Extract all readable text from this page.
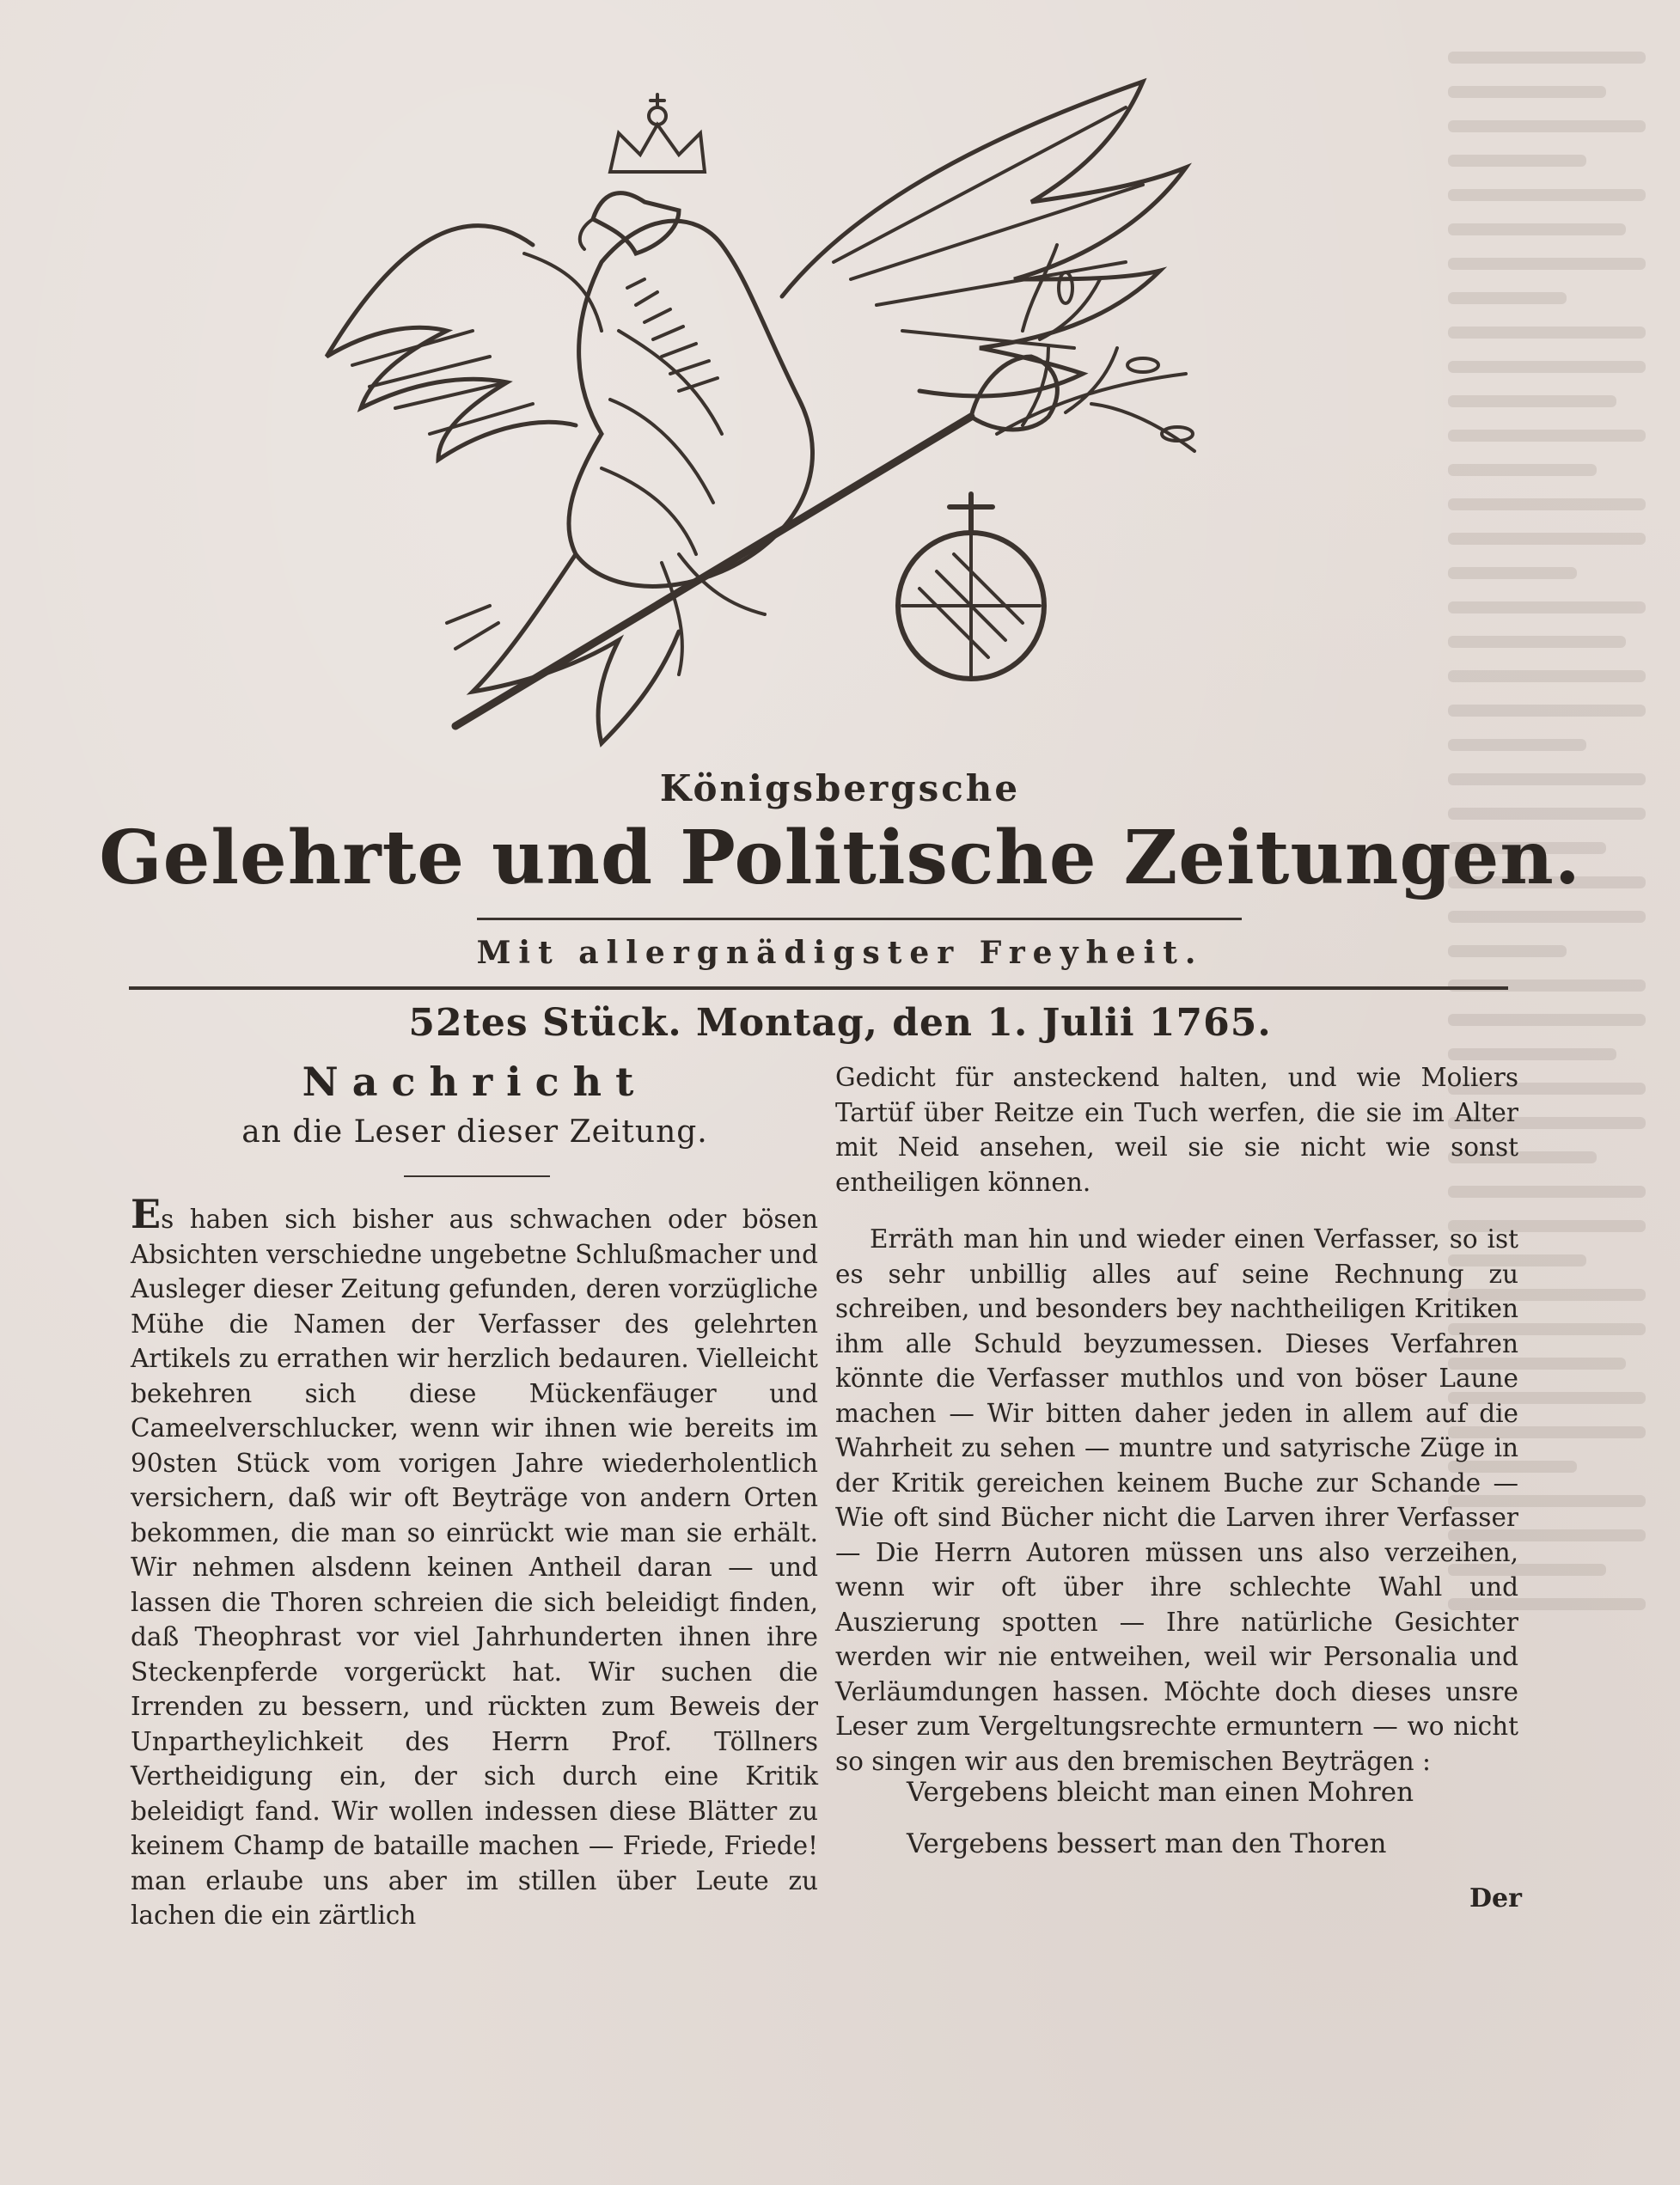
Königsbergsche
Gelehrte und Politische Zeitungen.
Mit allergnädigster Freyheit.
52tes Stück. Montag, den 1. Julii 1765.
Nachricht
an die Leser dieser Zeitung.

Es haben sich bisher aus schwachen oder bösen Absichten verschiedne ungebetne Schlußmacher und Ausleger dieser Zeitung gefunden, deren vorzügliche Mühe die Namen der Verfasser des gelehrten Artikels zu errathen wir herzlich bedauren. Vielleicht bekehren sich diese Mückenfäuger und Cameelverschlucker, wenn wir ihnen wie bereits im 90sten Stück vom vorigen Jahre wiederholentlich versichern, daß wir oft Beyträge von andern Orten bekommen, die man so einrückt wie man sie erhält. Wir nehmen alsdenn keinen Antheil daran — und lassen die Thoren schreien die sich beleidigt finden, daß Theophrast vor viel Jahrhunderten ihnen ihre Steckenpferde vorgerückt hat. Wir suchen die Irrenden zu bessern, und rückten zum Beweis der Unpartheylichkeit des Herrn Prof. Töllners Vertheidigung ein, der sich durch eine Kritik beleidigt fand. Wir wollen indessen diese Blätter zu keinem Champ de bataille machen — Friede, Friede! man erlaube uns aber im stillen über Leute zu lachen die ein zärtlich

Gedicht für ansteckend halten, und wie Moliers Tartüf über Reitze ein Tuch werfen, die sie im Alter mit Neid ansehen, weil sie sie nicht wie sonst entheiligen können.
Erräth man hin und wieder einen Verfasser, so ist es sehr unbillig alles auf seine Rechnung zu schreiben, und besonders bey nachtheiligen Kritiken ihm alle Schuld beyzumessen. Dieses Verfahren könnte die Verfasser muthlos und von böser Laune machen — Wir bitten daher jeden in allem auf die Wahrheit zu sehen — muntre und satyrische Züge in der Kritik gereichen keinem Buche zur Schande — Wie oft sind Bücher nicht die Larven ihrer Verfasser — Die Herrn Autoren müssen uns also verzeihen, wenn wir oft über ihre schlechte Wahl und Auszierung spotten — Ihre natürliche Gesichter werden wir nie entweihen, weil wir Personalia und Verläumdungen hassen. Möchte doch dieses unsre Leser zum Vergeltungsrechte ermuntern — wo nicht so singen wir aus den bremischen Beyträgen :
Vergebens bleicht man einen Mohren
Vergebens bessert man den Thoren
Der
